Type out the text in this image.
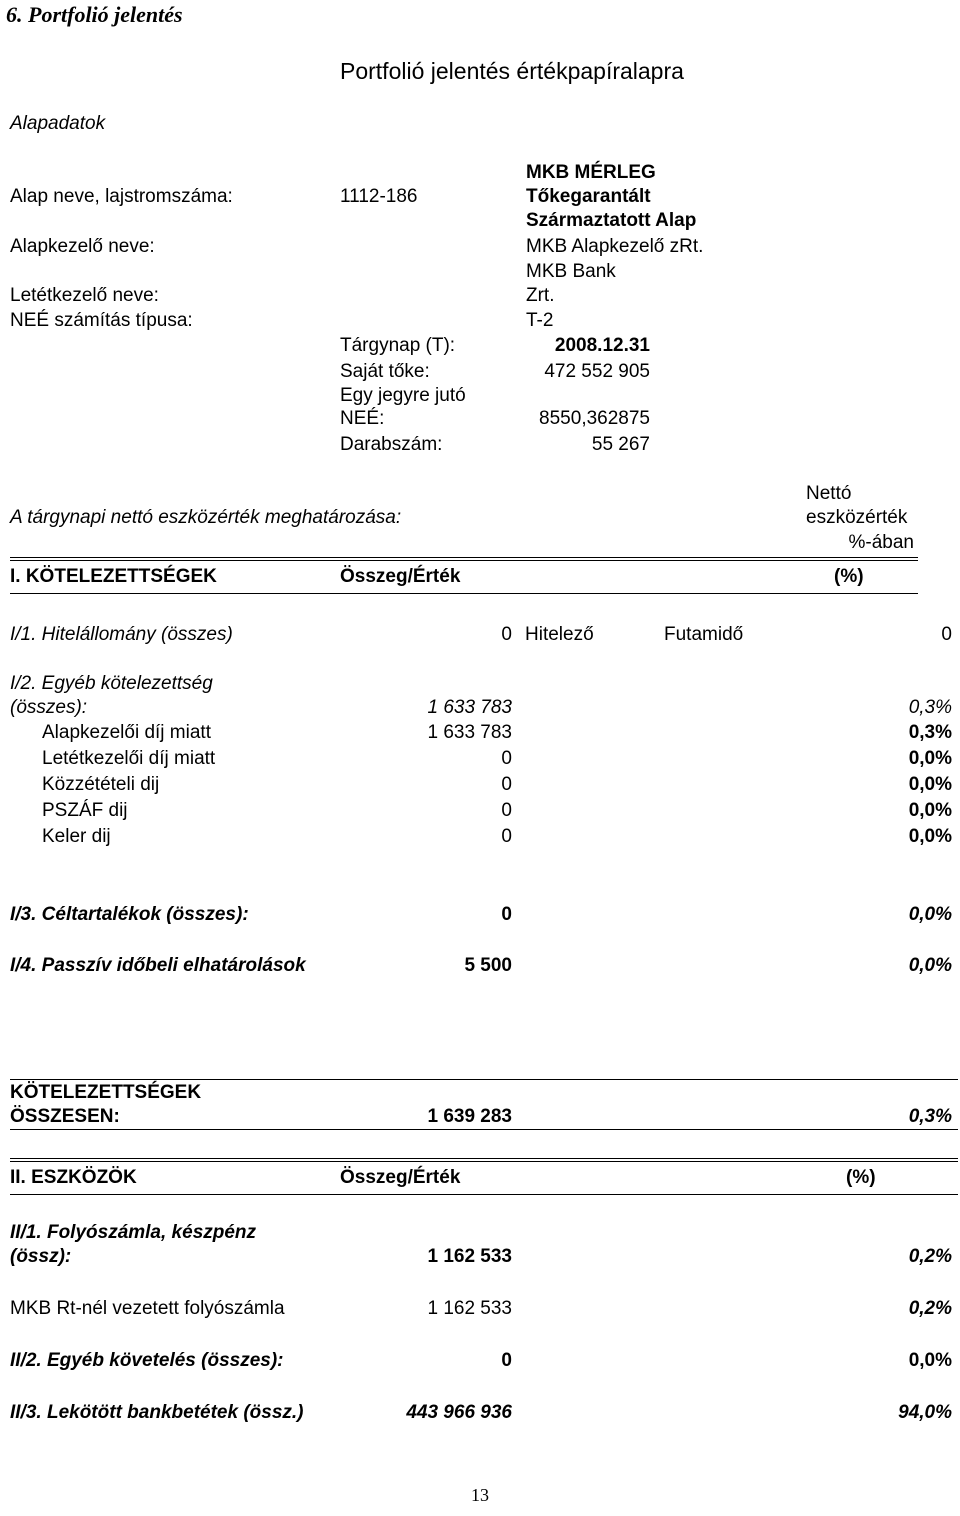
6. Portfolió jelentés
Portfolió jelentés értékpapíralapra
Alapadatok
Alap neve, lajstromszáma:	1112-186
MKB MÉRLEG
Tőkegarantált
Származtatott Alap
Alapkezelő neve:	MKB Alapkezelő zRt.
MKB Bank
Letétkezelő neve:	Zrt.
NEÉ számítás típusa:	T-2
Tárgynap (T):	2008.12.31
Saját tőke:	472 552 905
Egy jegyre jutó
NEÉ:	8550,362875
Darabszám:	55 267
A tárgynapi nettó eszközérték meghatározása:
Nettó
eszközérték
%-ában
I. KÖTELEZETTSÉGEK	Összeg/Érték	(%)
I/1. Hitelállomány (összes)	0 Hitelező	Futamidő	0
I/2. Egyéb kötelezettség
(összes):	1 633 783	0,3%
Alapkezelői díj miatt	1 633 783	0,3%
Letétkezelői díj miatt	0	0,0%
Közzétételi dij	0	0,0%
PSZÁF dij	0	0,0%
Keler dij	0	0,0%
I/3. Céltartalékok (összes):	0	0,0%
I/4. Passzív időbeli elhatárolások	5 500	0,0%
KÖTELEZETTSÉGEK
ÖSSZESEN:	1 639 283	0,3%
II. ESZKÖZÖK	Összeg/Érték	(%)
II/1. Folyószámla, készpénz
(össz):	1 162 533	0,2%
MKB Rt-nél vezetett folyószámla	1 162 533	0,2%
II/2. Egyéb követelés (összes):	0	0,0%
II/3. Lekötött bankbetétek (össz.)	443 966 936	94,0%
13
